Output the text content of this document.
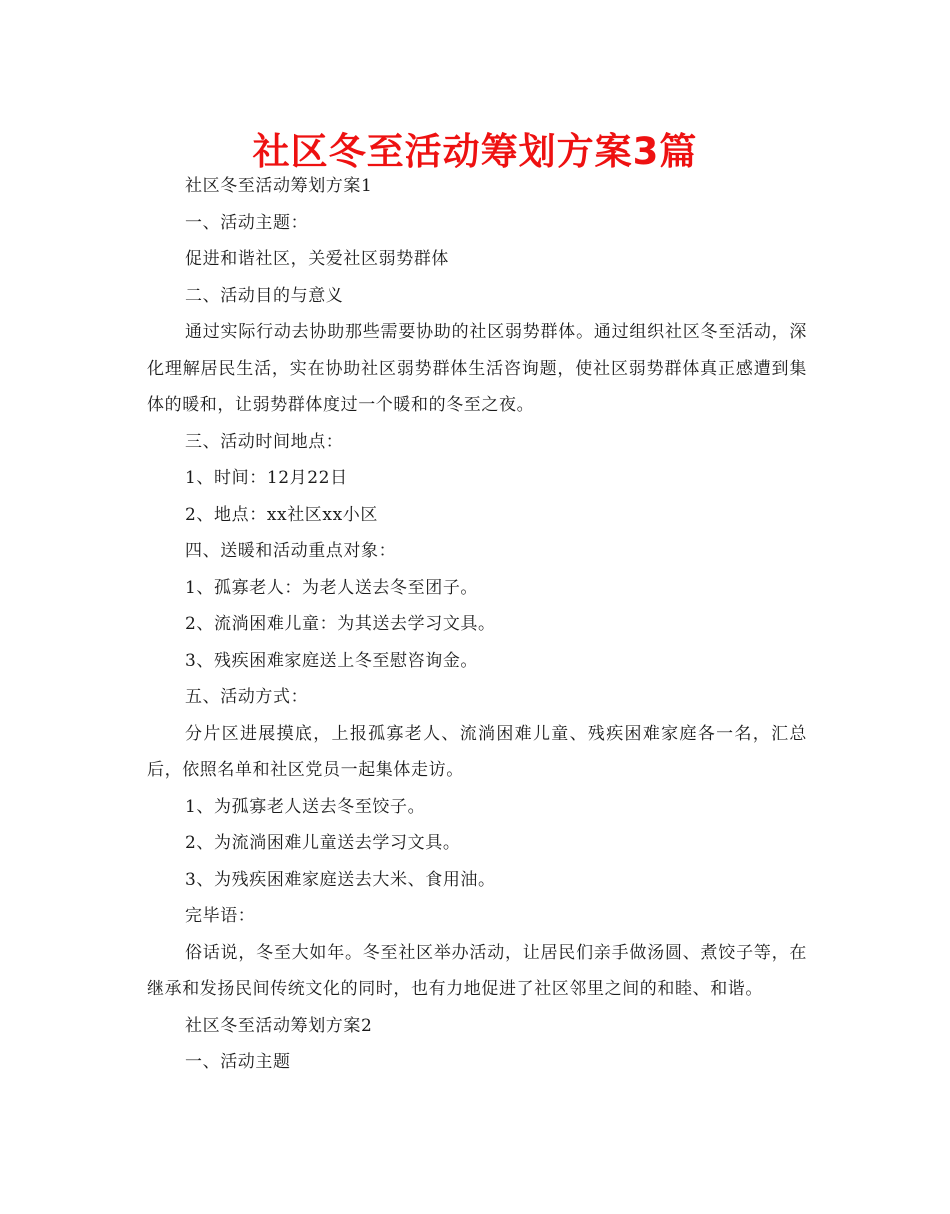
社区冬至活动筹划方案3篇

社区冬至活动筹划方案1

一、活动主题：

促进和谐社区，关爱社区弱势群体

二、活动目的与意义

通过实际行动去协助那些需要协助的社区弱势群体。通过组织社区冬至活动，深化理解居民生活，实在协助社区弱势群体生活咨询题，使社区弱势群体真正感遭到集体的暖和，让弱势群体度过一个暖和的冬至之夜。

三、活动时间地点：

1、时间：12月22日

2、地点：xx社区xx小区

四、送暖和活动重点对象：

1、孤寡老人：为老人送去冬至团子。

2、流淌困难儿童：为其送去学习文具。

3、残疾困难家庭送上冬至慰咨询金。

五、活动方式：

分片区进展摸底，上报孤寡老人、流淌困难儿童、残疾困难家庭各一名，汇总后，依照名单和社区党员一起集体走访。

1、为孤寡老人送去冬至饺子。

2、为流淌困难儿童送去学习文具。

3、为残疾困难家庭送去大米、食用油。

完毕语：

俗话说，冬至大如年。冬至社区举办活动，让居民们亲手做汤圆、煮饺子等，在继承和发扬民间传统文化的同时，也有力地促进了社区邻里之间的和睦、和谐。

社区冬至活动筹划方案2

一、活动主题
